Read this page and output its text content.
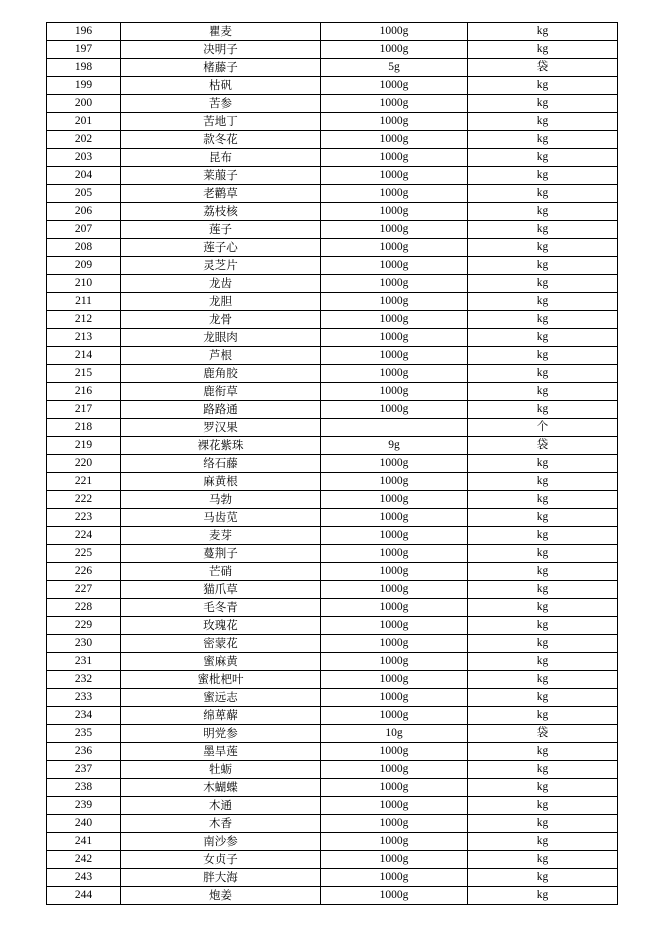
196	瞿麦	1000g	kg
197	决明子	1000g	kg
198	楮藤子	5g	袋
199	枯矾	1000g	kg
200	苦参	1000g	kg
201	苦地丁	1000g	kg
202	款冬花	1000g	kg
203	昆布	1000g	kg
204	莱菔子	1000g	kg
205	老鹳草	1000g	kg
206	荔枝核	1000g	kg
207	莲子	1000g	kg
208	莲子心	1000g	kg
209	灵芝片	1000g	kg
210	龙齿	1000g	kg
211	龙胆	1000g	kg
212	龙骨	1000g	kg
213	龙眼肉	1000g	kg
214	芦根	1000g	kg
215	鹿角胶	1000g	kg
216	鹿衔草	1000g	kg
217	路路通	1000g	kg
218	罗汉果		个
219	裸花紫珠	9g	袋
220	络石藤	1000g	kg
221	麻黄根	1000g	kg
222	马勃	1000g	kg
223	马齿苋	1000g	kg
224	麦芽	1000g	kg
225	蔓荆子	1000g	kg
226	芒硝	1000g	kg
227	猫爪草	1000g	kg
228	毛冬青	1000g	kg
229	玫瑰花	1000g	kg
230	密蒙花	1000g	kg
231	蜜麻黄	1000g	kg
232	蜜枇杷叶	1000g	kg
233	蜜远志	1000g	kg
234	绵萆薢	1000g	kg
235	明党参	10g	袋
236	墨旱莲	1000g	kg
237	牡蛎	1000g	kg
238	木蝴蝶	1000g	kg
239	木通	1000g	kg
240	木香	1000g	kg
241	南沙参	1000g	kg
242	女贞子	1000g	kg
243	胖大海	1000g	kg
244	炮姜	1000g	kg
